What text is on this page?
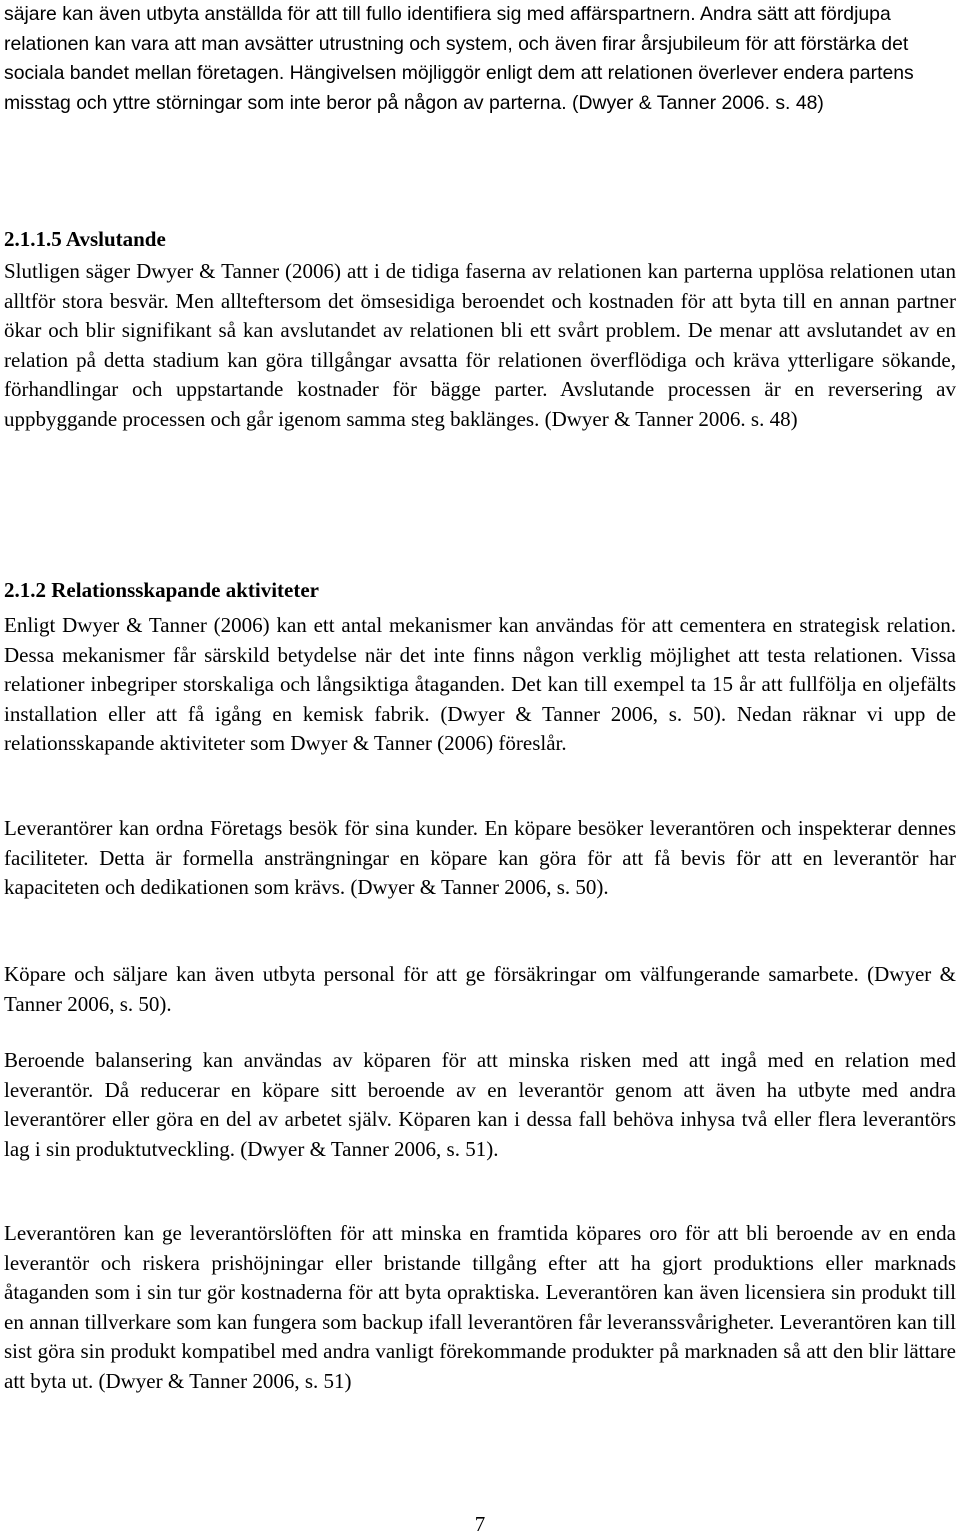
säjare kan även utbyta anställda för att till fullo identifiera sig med affärspartnern. Andra sätt att fördjupa relationen kan vara att man avsätter utrustning och system, och även firar årsjubileum för att förstärka det sociala bandet mellan företagen. Hängivelsen möjliggör enligt dem att relationen överlever endera partens misstag och yttre störningar som inte beror på någon av parterna. (Dwyer & Tanner 2006. s. 48)

2.1.1.5 Avslutande

Slutligen säger Dwyer & Tanner (2006) att i de tidiga faserna av relationen kan parterna upplösa relationen utan alltför stora besvär. Men allteftersom det ömsesidiga beroendet och kostnaden för att byta till en annan partner ökar och blir signifikant så kan avslutandet av relationen bli ett svårt problem. De menar att avslutandet av en relation på detta stadium kan göra tillgångar avsatta för relationen överflödiga och kräva ytterligare sökande, förhandlingar och uppstartande kostnader för bägge parter. Avslutande processen är en reversering av uppbyggande processen och går igenom samma steg baklänges. (Dwyer & Tanner 2006. s. 48)

2.1.2 Relationsskapande aktiviteter

Enligt Dwyer & Tanner (2006) kan ett antal mekanismer kan användas för att cementera en strategisk relation. Dessa mekanismer får särskild betydelse när det inte finns någon verklig möjlighet att testa relationen. Vissa relationer inbegriper storskaliga och långsiktiga åtaganden. Det kan till exempel ta 15 år att fullfölja en oljefälts installation eller att få igång en kemisk fabrik. (Dwyer & Tanner 2006, s. 50). Nedan räknar vi upp de relationsskapande aktiviteter som Dwyer & Tanner (2006) föreslår.

Leverantörer kan ordna Företags besök för sina kunder. En köpare besöker leverantören och inspekterar dennes faciliteter. Detta är formella ansträngningar en köpare kan göra för att få bevis för att en leverantör har kapaciteten och dedikationen som krävs. (Dwyer & Tanner 2006, s. 50).

Köpare och säljare kan även utbyta personal för att ge försäkringar om välfungerande samarbete. (Dwyer & Tanner 2006, s. 50).

Beroende balansering kan användas av köparen för att minska risken med att ingå med en relation med leverantör. Då reducerar en köpare sitt beroende av en leverantör genom att även ha utbyte med andra leverantörer eller göra en del av arbetet själv. Köparen kan i dessa fall behöva inhysa två eller flera leverantörs lag i sin produktutveckling. (Dwyer & Tanner 2006, s. 51).

Leverantören kan ge leverantörslöften för att minska en framtida köpares oro för att bli beroende av en enda leverantör och riskera prishöjningar eller bristande tillgång efter att ha gjort produktions eller marknads åtaganden som i sin tur gör kostnaderna för att byta opraktiska. Leverantören kan även licensiera sin produkt till en annan tillverkare som kan fungera som backup ifall leverantören får leveranssvårigheter. Leverantören kan till sist göra sin produkt kompatibel med andra vanligt förekommande produkter på marknaden så att den blir lättare att byta ut. (Dwyer & Tanner 2006, s. 51)

7
